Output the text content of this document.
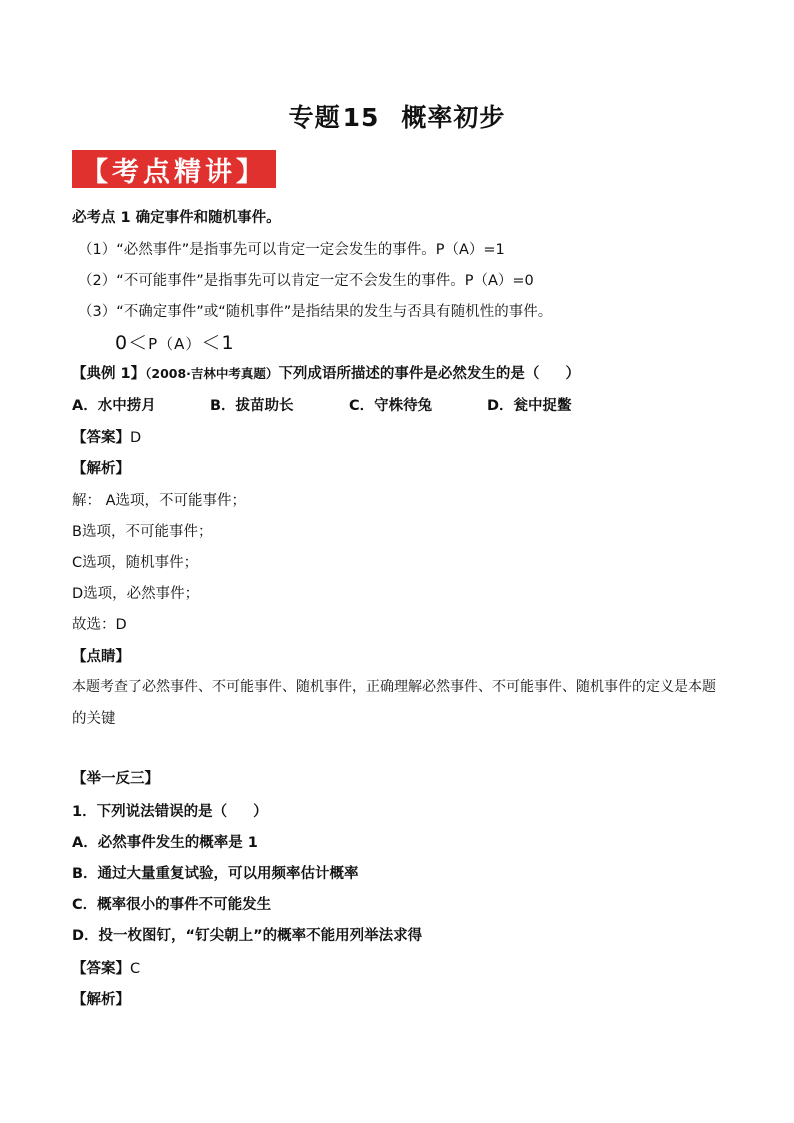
专题15 概率初步
【考点精讲】
必考点 1 确定事件和随机事件。
（1）“必然事件”是指事先可以肯定一定会发生的事件。P（A）=1
（2）“不可能事件”是指事先可以肯定一定不会发生的事件。P（A）=0
（3）“不确定事件”或“随机事件”是指结果的发生与否具有随机性的事件。
0＜P（A）＜1
【典例 1】（2008·吉林中考真题）下列成语所描述的事件是必然发生的是（ ）
A．水中捞月	B．拔苗助长	C．守株待兔	D．瓮中捉鳖
【答案】D
【解析】
解： A选项，不可能事件；
B选项，不可能事件；
C选项，随机事件；
D选项，必然事件；
故选：D
【点睛】
本题考查了必然事件、不可能事件、随机事件，正确理解必然事件、不可能事件、随机事件的定义是本题
的关键
【举一反三】
1．下列说法错误的是（ ）
A．必然事件发生的概率是 1
B．通过大量重复试验，可以用频率估计概率
C．概率很小的事件不可能发生
D．投一枚图钉，“钉尖朝上”的概率不能用列举法求得
【答案】C
【解析】
